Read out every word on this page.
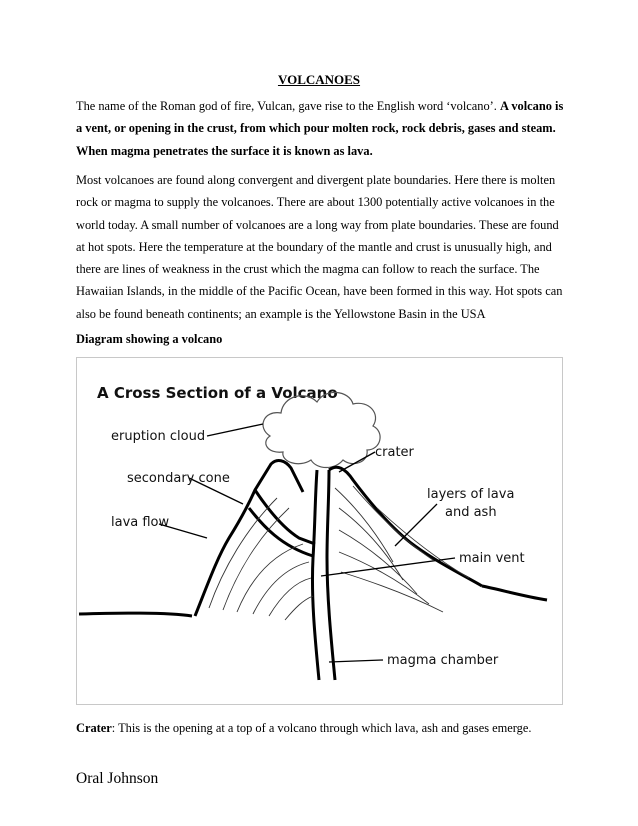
VOLCANOES
The name of the Roman god of fire, Vulcan, gave rise to the English word ‘volcano’. A volcano is a vent, or opening in the crust, from which pour molten rock, rock debris, gases and steam. When magma penetrates the surface it is known as lava.
Most volcanoes are found along convergent and divergent plate boundaries. Here there is molten rock or magma to supply the volcanoes. There are about 1300 potentially active volcanoes in the world today. A small number of volcanoes are a long way from plate boundaries. These are found at hot spots. Here the temperature at the boundary of the mantle and crust is unusually high, and there are lines of weakness in the crust which the magma can follow to reach the surface. The Hawaiian Islands, in the middle of the Pacific Ocean, have been formed in this way. Hot spots can also be found beneath continents; an example is the Yellowstone Basin in the USA
Diagram showing a volcano
A Cross Section of a Volcano
eruption cloud
crater
secondary cone
layers of lava
and ash
lava flow
main vent
magma chamber
Crater: This is the opening at a top of a volcano through which lava, ash and gases emerge.
Oral Johnson
